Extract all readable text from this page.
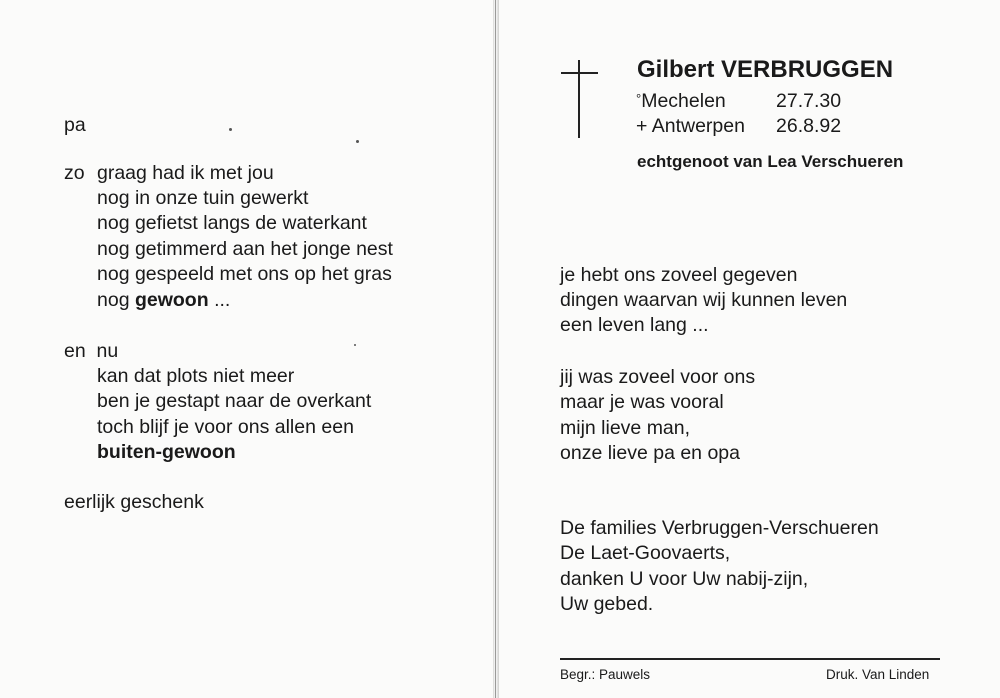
pa
zo graag had ik met jou
nog in onze tuin gewerkt
nog gefietst langs de waterkant
nog getimmerd aan het jonge nest
nog gespeeld met ons op het gras
nog gewoon ...
en  nu
kan dat plots niet meer
ben je gestapt naar de overkant
toch blijf je voor ons allen een
buiten-gewoon
eerlijk geschenk
Gilbert VERBRUGGEN
°Mechelen	27.7.30
+ Antwerpen 26.8.92
echtgenoot van Lea Verschueren
je hebt ons zoveel gegeven
dingen waarvan wij kunnen leven
een leven lang ...
jij was zoveel voor ons
maar je was vooral
mijn lieve man,
onze lieve pa en opa
De families Verbruggen-Verschueren
De Laet-Goovaerts,
danken U voor Uw nabij-zijn,
Uw gebed.
Begr.: Pauwels	Druk. Van Linden
